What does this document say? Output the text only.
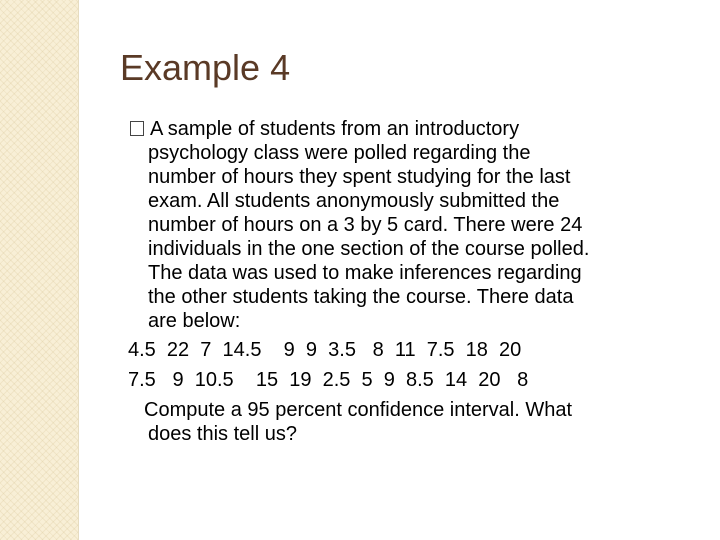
Example 4

A sample of students from an introductory

psychology class were polled regarding the

number of hours they spent studying for the last

exam. All students anonymously submitted the

number of hours on a 3 by 5 card. There were 24

individuals in the one section of the course polled.

The data was used to make inferences regarding

the other students taking the course. There data

are below:

4.5  22  7  14.5    9  9  3.5   8  11  7.5  18  20

7.5   9  10.5    15  19  2.5  5  9  8.5  14  20   8

Compute a 95 percent confidence interval. What

does this tell us?
